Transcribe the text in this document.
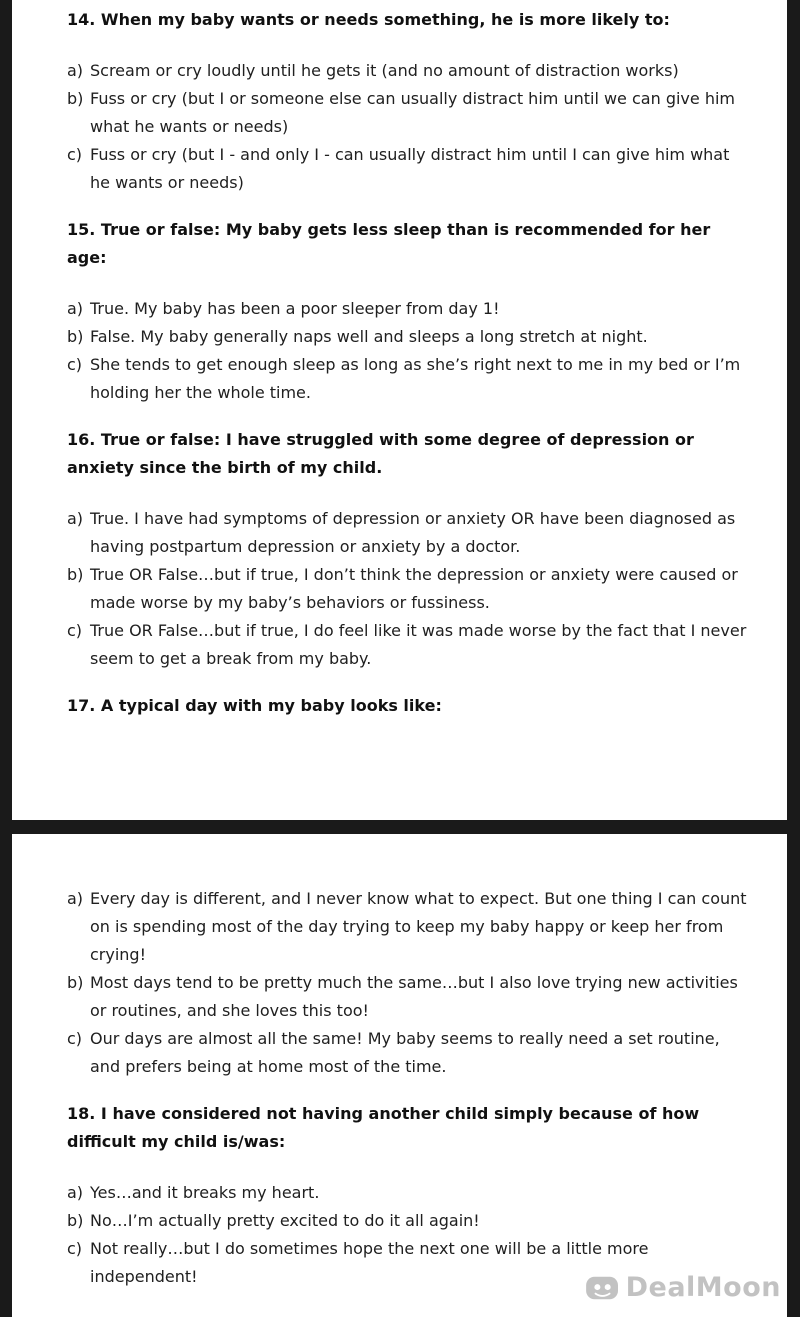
14. When my baby wants or needs something, he is more likely to:
a) Scream or cry loudly until he gets it (and no amount of distraction works)
b) Fuss or cry (but I or someone else can usually distract him until we can give him what he wants or needs)
c) Fuss or cry (but I - and only I - can usually distract him until I can give him what he wants or needs)
15. True or false: My baby gets less sleep than is recommended for her age:
a) True. My baby has been a poor sleeper from day 1!
b) False. My baby generally naps well and sleeps a long stretch at night.
c) She tends to get enough sleep as long as she’s right next to me in my bed or I’m holding her the whole time.
16. True or false: I have struggled with some degree of depression or anxiety since the birth of my child.
a) True. I have had symptoms of depression or anxiety OR have been diagnosed as having postpartum depression or anxiety by a doctor.
b) True OR False…but if true, I don’t think the depression or anxiety were caused or made worse by my baby’s behaviors or fussiness.
c) True OR False…but if true, I do feel like it was made worse by the fact that I never seem to get a break from my baby.
17. A typical day with my baby looks like:
a) Every day is different, and I never know what to expect. But one thing I can count on is spending most of the day trying to keep my baby happy or keep her from crying!
b) Most days tend to be pretty much the same…but I also love trying new activities or routines, and she loves this too!
c) Our days are almost all the same! My baby seems to really need a set routine, and prefers being at home most of the time.
18. I have considered not having another child simply because of how difficult my child is/was:
a) Yes…and it breaks my heart.
b) No…I’m actually pretty excited to do it all again!
c) Not really…but I do sometimes hope the next one will be a little more independent!	DealMoon
